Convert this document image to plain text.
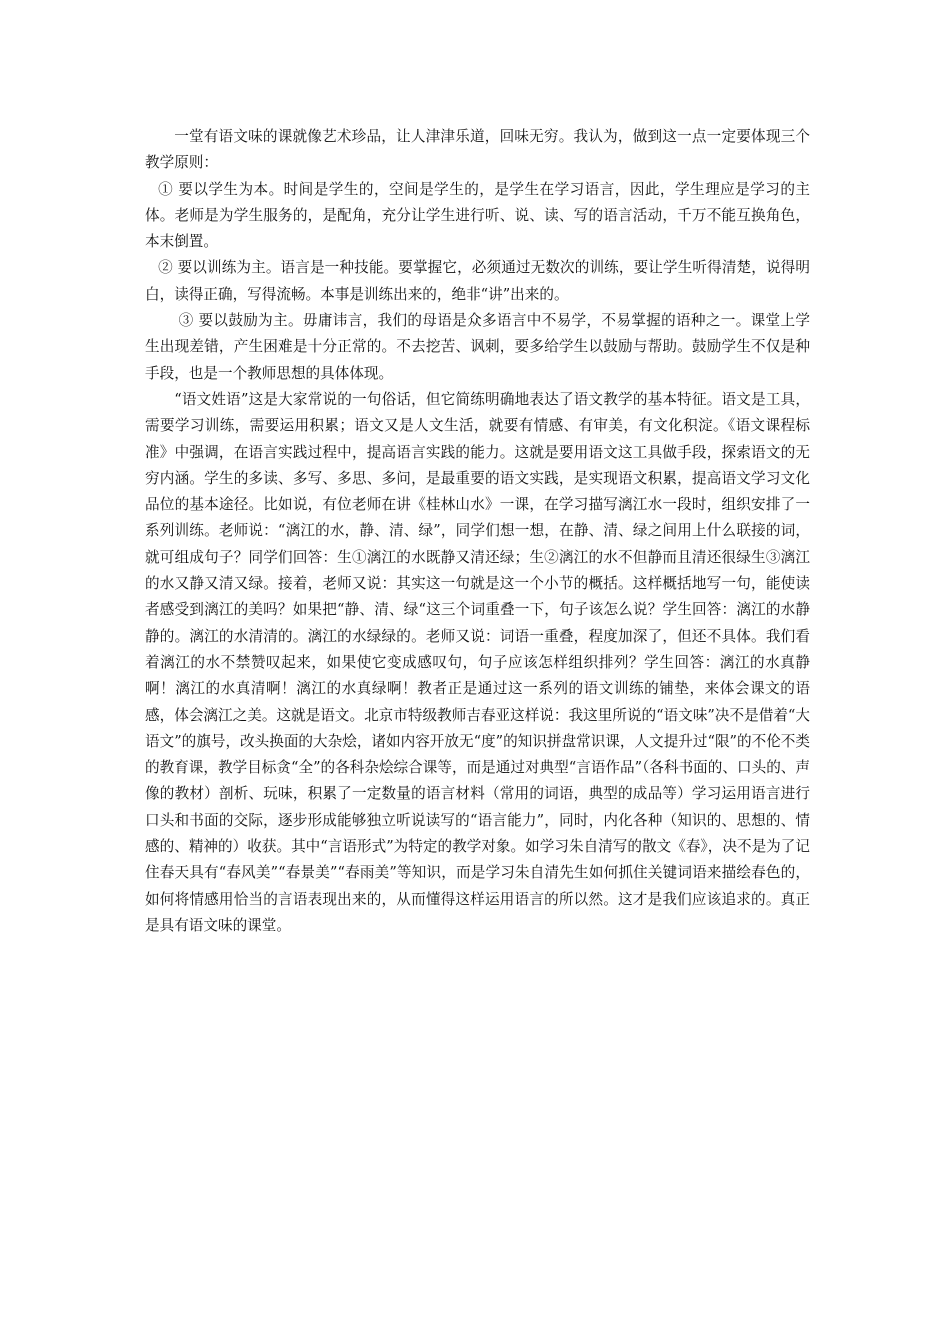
一堂有语文味的课就像艺术珍品，让人津津乐道，回味无穷。我认为，做到这一点一定要体现三个教学原则：

① 要以学生为本。时间是学生的，空间是学生的，是学生在学习语言，因此，学生理应是学习的主体。老师是为学生服务的，是配角，充分让学生进行听、说、读、写的语言活动，千万不能互换角色，本末倒置。

② 要以训练为主。语言是一种技能。要掌握它，必须通过无数次的训练，要让学生听得清楚，说得明白，读得正确，写得流畅。本事是训练出来的，绝非“讲”出来的。

③ 要以鼓励为主。毋庸讳言，我们的母语是众多语言中不易学，不易掌握的语种之一。课堂上学生出现差错，产生困难是十分正常的。不去挖苦、讽刺，要多给学生以鼓励与帮助。鼓励学生不仅是种手段，也是一个教师思想的具体体现。

“语文姓语”这是大家常说的一句俗话，但它简练明确地表达了语文教学的基本特征。语文是工具，需要学习训练，需要运用积累；语文又是人文生活，就要有情感、有审美，有文化积淀。《语文课程标准》中强调，在语言实践过程中，提高语言实践的能力。这就是要用语文这工具做手段，探索语文的无穷内涵。学生的多读、多写、多思、多问，是最重要的语文实践，是实现语文积累，提高语文学习文化品位的基本途径。比如说，有位老师在讲《桂林山水》一课，在学习描写漓江水一段时，组织安排了一系列训练。老师说：“漓江的水，静、清、绿”，同学们想一想，在静、清、绿之间用上什么联接的词，就可组成句子？同学们回答：生①漓江的水既静又清还绿；生②漓江的水不但静而且清还很绿生③漓江的水又静又清又绿。接着，老师又说：其实这一句就是这一个小节的概括。这样概括地写一句，能使读者感受到漓江的美吗？如果把“静、清、绿“这三个词重叠一下，句子该怎么说？学生回答：漓江的水静静的。漓江的水清清的。漓江的水绿绿的。老师又说：词语一重叠，程度加深了，但还不具体。我们看着漓江的水不禁赞叹起来，如果使它变成感叹句，句子应该怎样组织排列？学生回答：漓江的水真静啊！漓江的水真清啊！漓江的水真绿啊！教者正是通过这一系列的语文训练的铺垫，来体会课文的语感，体会漓江之美。这就是语文。北京市特级教师吉春亚这样说：我这里所说的“语文味”决不是借着“大语文”的旗号，改头换面的大杂烩，诸如内容开放无“度”的知识拼盘常识课，人文提升过“限”的不伦不类的教育课，教学目标贪“全”的各科杂烩综合课等，而是通过对典型“言语作品”（各科书面的、口头的、声像的教材）剖析、玩味，积累了一定数量的语言材料（常用的词语，典型的成品等）学习运用语言进行口头和书面的交际，逐步形成能够独立听说读写的“语言能力”，同时，内化各种（知识的、思想的、情感的、精神的）收获。其中“言语形式”为特定的教学对象。如学习朱自清写的散文《春》，决不是为了记住春天具有“春风美”“春景美”“春雨美”等知识，而是学习朱自清先生如何抓住关键词语来描绘春色的，如何将情感用恰当的言语表现出来的，从而懂得这样运用语言的所以然。这才是我们应该追求的。真正是具有语文味的课堂。
